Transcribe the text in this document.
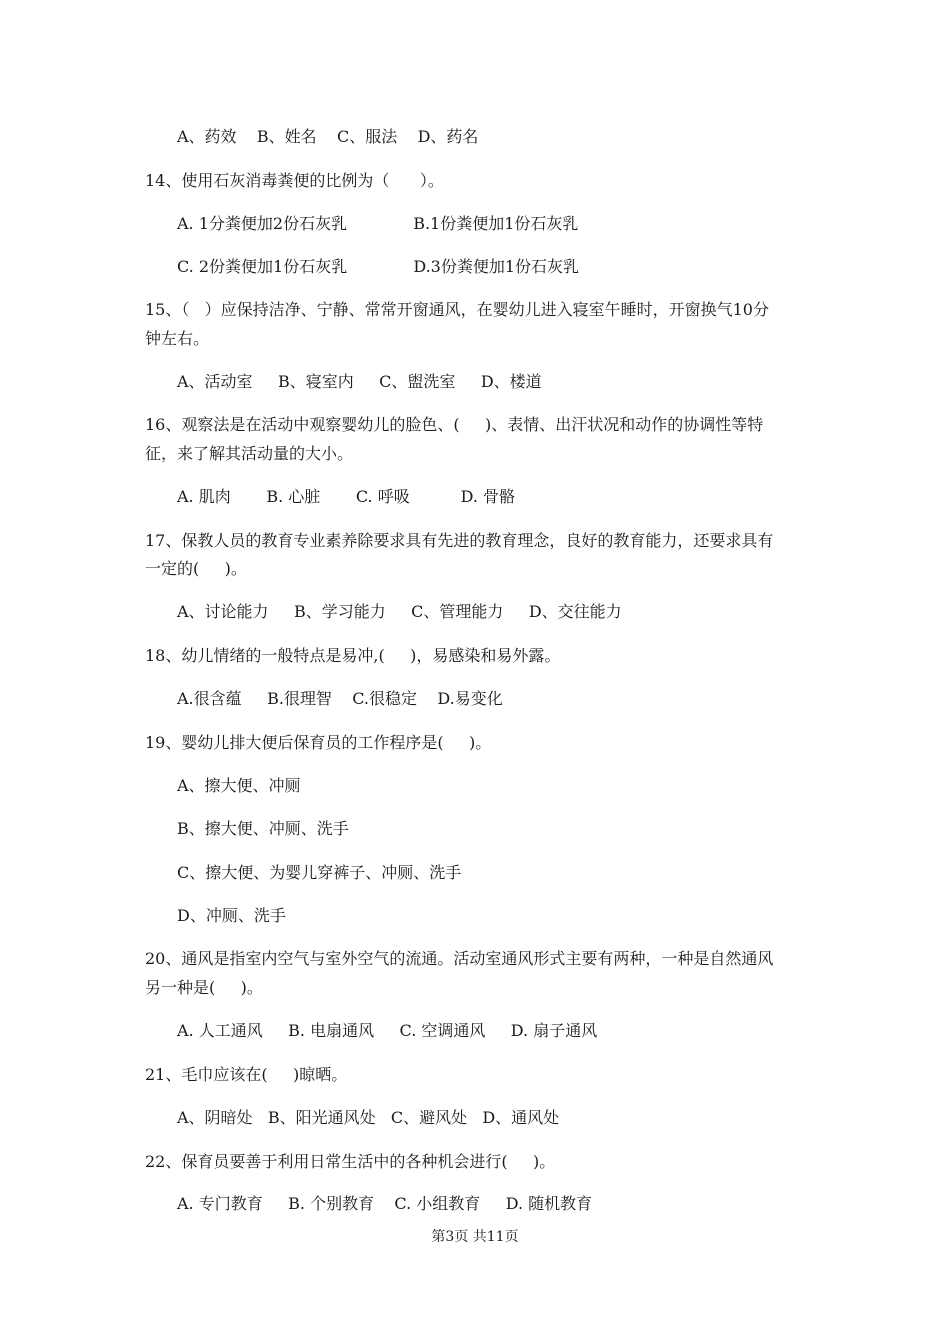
A、药效    B、姓名    C、服法    D、药名
14、使用石灰消毒粪便的比例为（      ）。
A. 1分粪便加2份石灰乳             B.1份粪便加1份石灰乳
C. 2份粪便加1份石灰乳             D.3份粪便加1份石灰乳
15、（   ）应保持洁净、宁静、常常开窗通风，在婴幼儿进入寝室午睡时，开窗换气10分
钟左右。
A、活动室     B、寝室内     C、盥洗室     D、楼道
16、观察法是在活动中观察婴幼儿的脸色、(     )、表情、出汗状况和动作的协调性等特
征，来了解其活动量的大小。
A. 肌肉       B. 心脏       C. 呼吸          D. 骨骼
17、保教人员的教育专业素养除要求具有先进的教育理念，良好的教育能力，还要求具有
一定的(     )。
A、讨论能力     B、学习能力     C、管理能力     D、交往能力
18、幼儿情绪的一般特点是易冲,(     )，易感染和易外露。
A.很含蕴     B.很理智    C.很稳定    D.易变化
19、婴幼儿排大便后保育员的工作程序是(     )。
A、擦大便、冲厕
B、擦大便、冲厕、洗手
C、擦大便、为婴儿穿裤子、冲厕、洗手
D、冲厕、洗手
20、通风是指室内空气与室外空气的流通。活动室通风形式主要有两种，一种是自然通风
另一种是(     )。
A. 人工通风     B. 电扇通风     C. 空调通风     D. 扇子通风
21、毛巾应该在(     )晾晒。
A、阴暗处   B、阳光通风处   C、避风处   D、通风处
22、保育员要善于利用日常生活中的各种机会进行(     )。
A. 专门教育     B. 个别教育    C. 小组教育     D. 随机教育
第3页 共11页
